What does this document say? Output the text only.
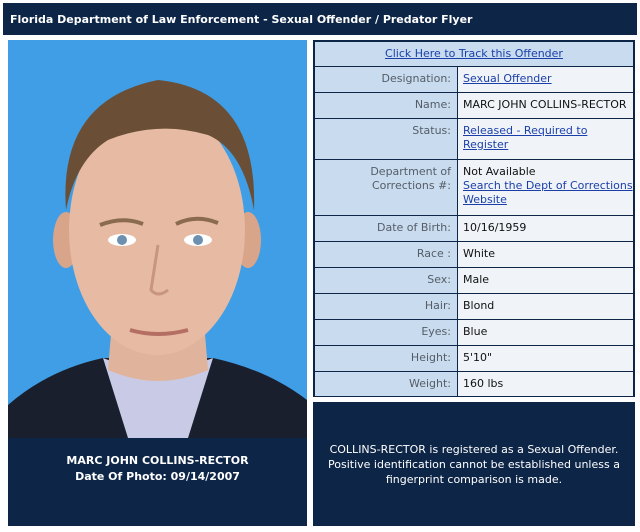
Florida Department of Law Enforcement - Sexual Offender / Predator Flyer
MARC JOHN COLLINS-RECTOR
Date Of Photo: 09/14/2007
Click Here to Track this Offender
Designation:	Sexual Offender
Name:	MARC JOHN COLLINS-RECTOR
Status:	Released - Required to Register
Department of Corrections #:
Not Available
Search the Dept of Corrections Website
Date of Birth:	10/16/1959
Race :	White
Sex:	Male
Hair:	Blond
Eyes:	Blue
Height:	5'10"
Weight:	160 lbs
COLLINS-RECTOR is registered as a Sexual Offender. Positive identification cannot be established unless a fingerprint comparison is made.
